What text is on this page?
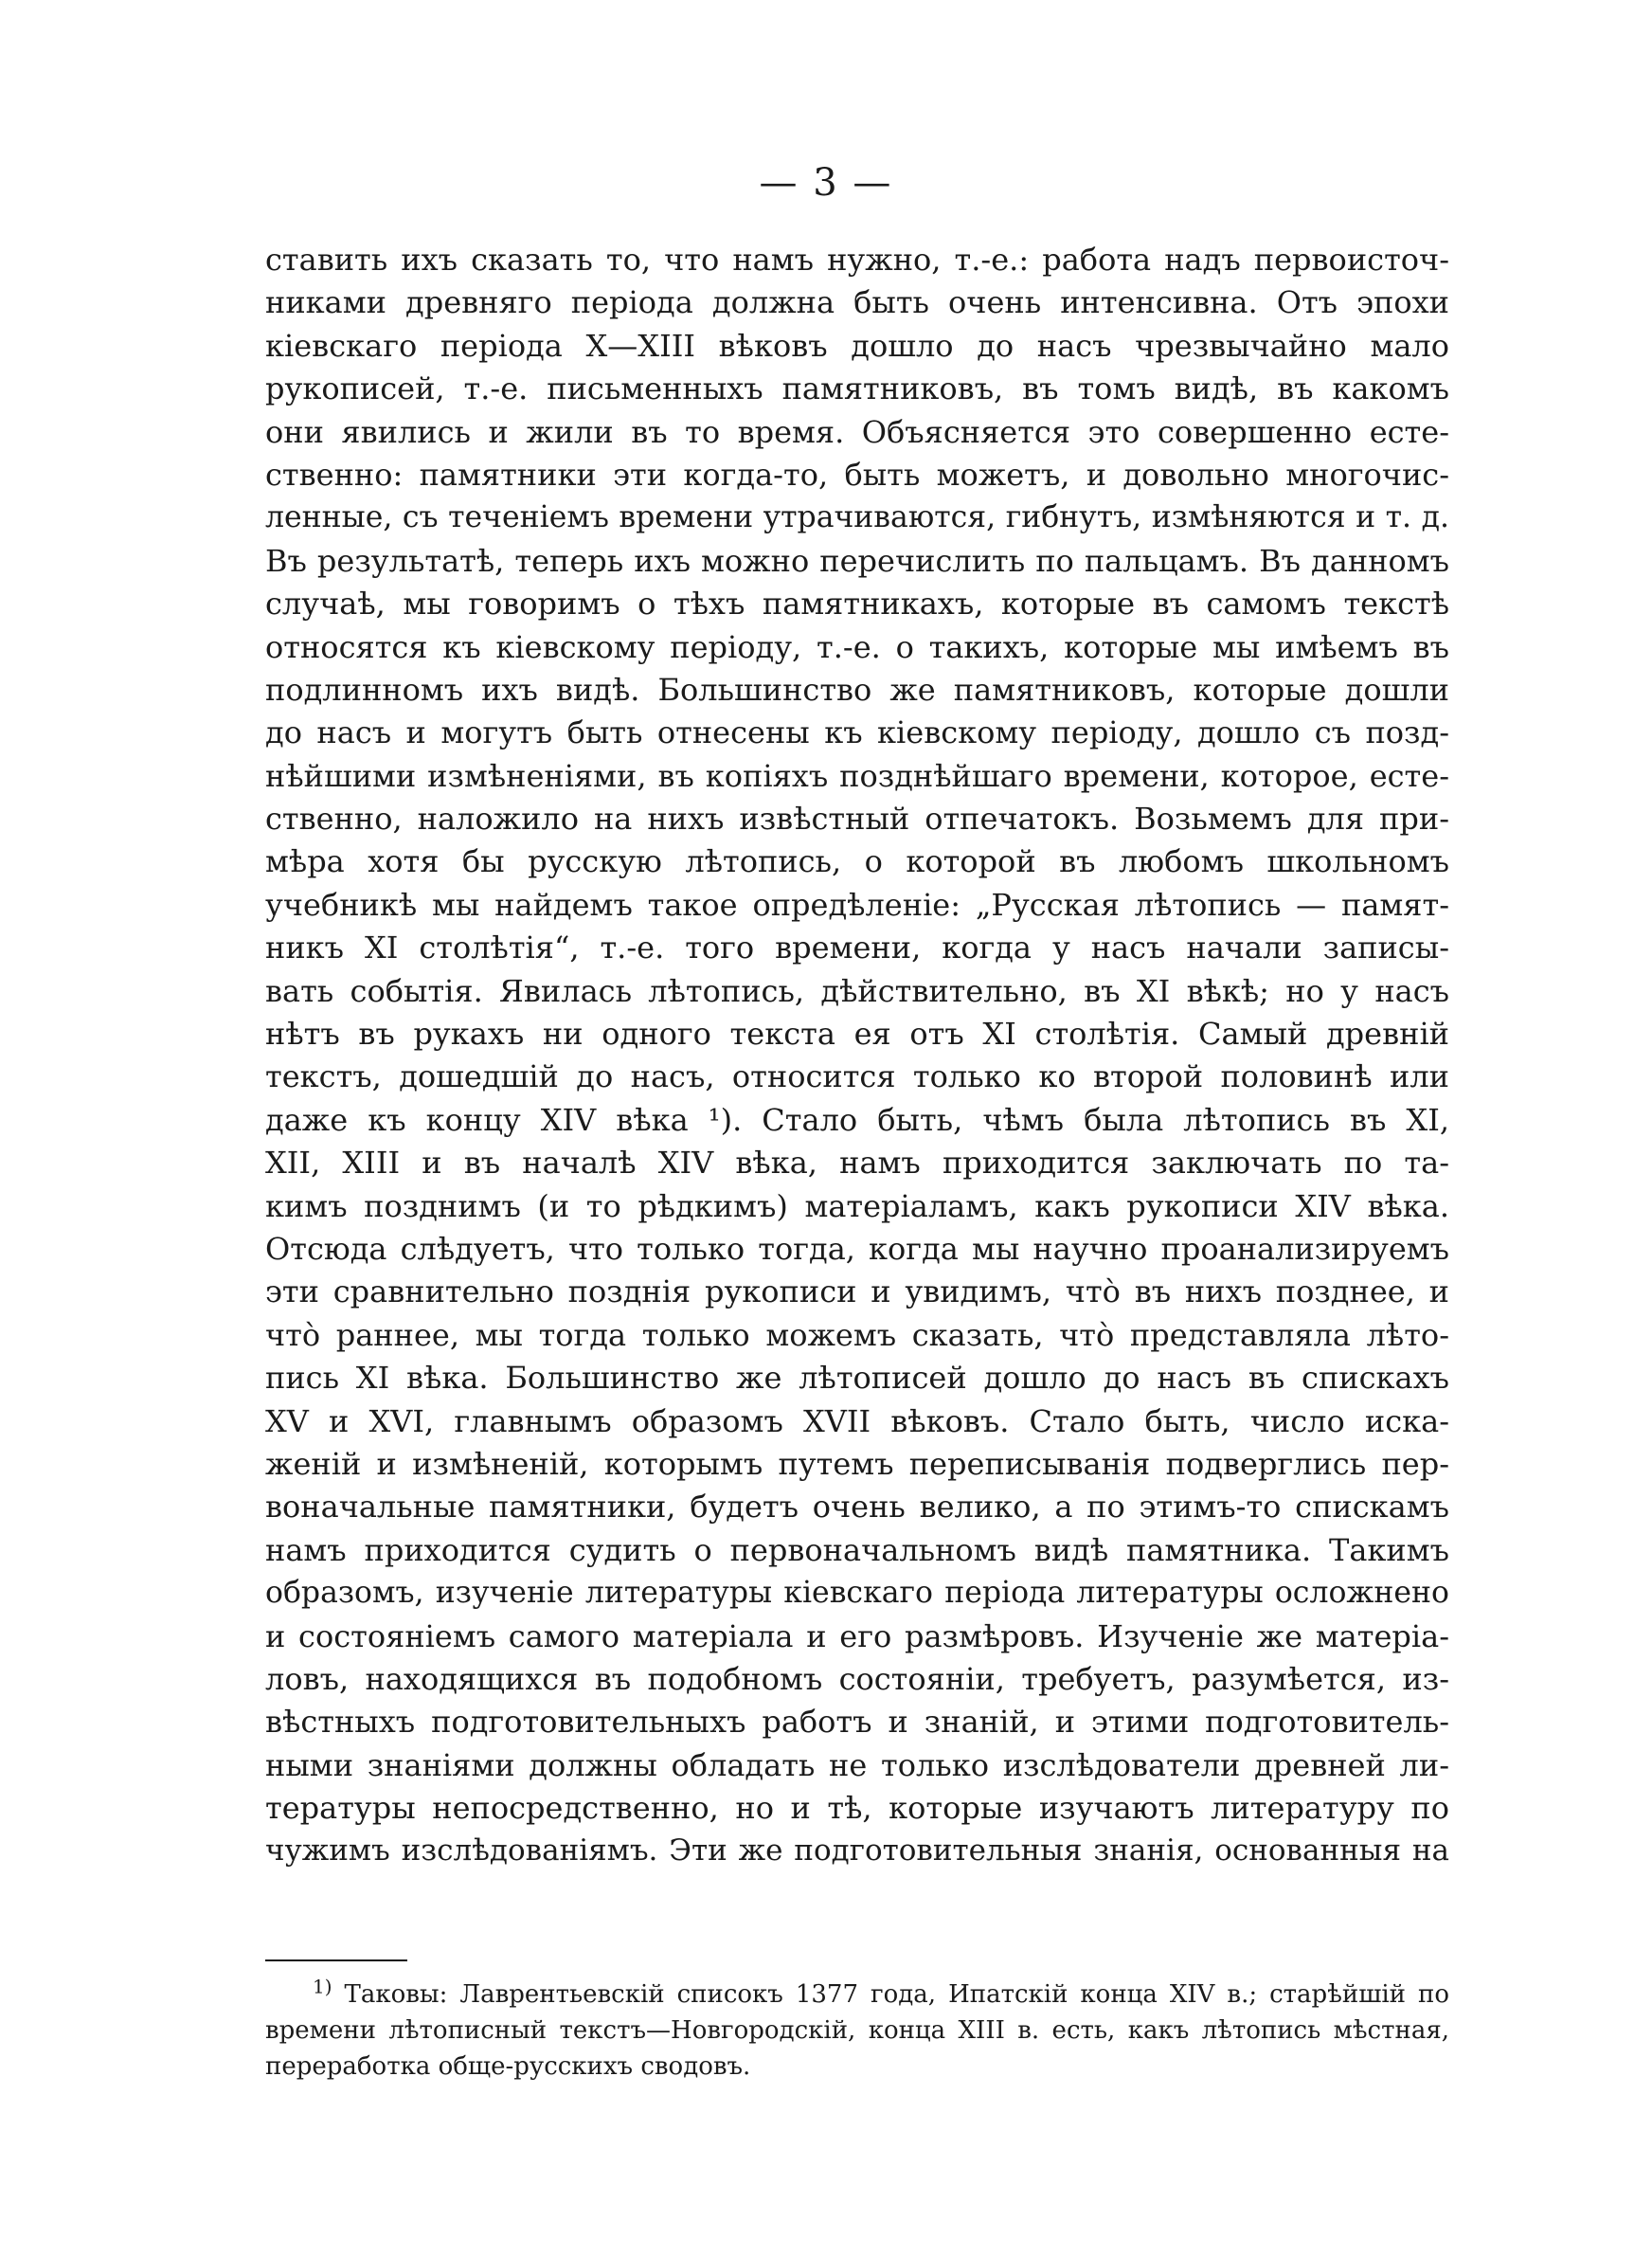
— 3 —
ставить ихъ сказать то, что намъ нужно, т.-е.: работа надъ первоисточ-
никами древняго періода должна быть очень интенсивна. Отъ эпохи
кіевскаго періода X—XIII вѣковъ дошло до насъ чрезвычайно мало
рукописей, т.-е. письменныхъ памятниковъ, въ томъ видѣ, въ какомъ
они явились и жили въ то время. Объясняется это совершенно есте-
ственно: памятники эти когда-то, быть можетъ, и довольно многочис-
ленные, съ теченіемъ времени утрачиваются, гибнутъ, измѣняются и т. д.
Въ результатѣ, теперь ихъ можно перечислить по пальцамъ. Въ данномъ
случаѣ, мы говоримъ о тѣхъ памятникахъ, которые въ самомъ текстѣ
относятся къ кіевскому періоду, т.-е. о такихъ, которые мы имѣемъ въ
подлинномъ ихъ видѣ. Большинство же памятниковъ, которые дошли
до насъ и могутъ быть отнесены къ кіевскому періоду, дошло съ позд-
нѣйшими измѣненіями, въ копіяхъ позднѣйшаго времени, которое, есте-
ственно, наложило на нихъ извѣстный отпечатокъ. Возьмемъ для при-
мѣра хотя бы русскую лѣтопись, о которой въ любомъ школьномъ
учебникѣ мы найдемъ такое опредѣленіе: „Русская лѣтопись — памят-
никъ XI столѣтія“, т.-е. того времени, когда у насъ начали записы-
вать событія. Явилась лѣтопись, дѣйствительно, въ XI вѣкѣ; но у насъ
нѣтъ въ рукахъ ни одного текста ея отъ XI столѣтія. Самый древній
текстъ, дошедшій до насъ, относится только ко второй половинѣ или
даже къ концу XIV вѣка ¹). Стало быть, чѣмъ была лѣтопись въ XI,
XII, XIII и въ началѣ XIV вѣка, намъ приходится заключать по та-
кимъ позднимъ (и то рѣдкимъ) матеріаламъ, какъ рукописи XIV вѣка.
Отсюда слѣдуетъ, что только тогда, когда мы научно проанализируемъ
эти сравнительно позднія рукописи и увидимъ, что̀ въ нихъ позднее, и
что̀ раннее, мы тогда только можемъ сказать, что̀ представляла лѣто-
пись XI вѣка. Большинство же лѣтописей дошло до насъ въ спискахъ
XV и XVI, главнымъ образомъ XVII вѣковъ. Стало быть, число иска-
женій и измѣненій, которымъ путемъ переписыванія подверглись пер-
воначальные памятники, будетъ очень велико, а по этимъ-то спискамъ
намъ приходится судить о первоначальномъ видѣ памятника. Такимъ
образомъ, изученіе литературы кіевскаго періода литературы осложнено
и состояніемъ самого матеріала и его размѣровъ. Изученіе же матеріа-
ловъ, находящихся въ подобномъ состояніи, требуетъ, разумѣется, из-
вѣстныхъ подготовительныхъ работъ и знаній, и этими подготовитель-
ными знаніями должны обладать не только изслѣдователи древней ли-
тературы непосредственно, но и тѣ, которые изучаютъ литературу по
чужимъ изслѣдованіямъ. Эти же подготовительныя знанія, основанныя на
$^{1)}$ Таковы: Лаврентьевскій списокъ 1377 года, Ипатскій конца XIV в.; старѣйшій по
времени лѣтописный текстъ—Новгородскій, конца XIII в. есть, какъ лѣтопись мѣстная,
переработка обще-русскихъ сводовъ.
